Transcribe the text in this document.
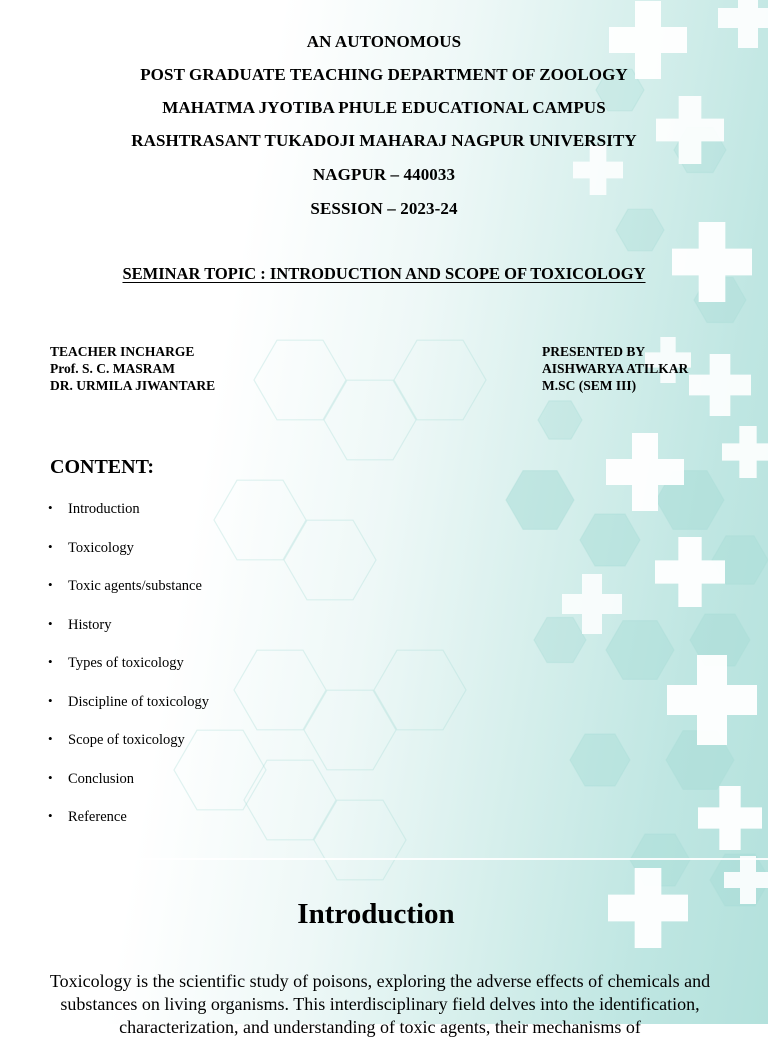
AN AUTONOMOUS
POST GRADUATE TEACHING DEPARTMENT OF ZOOLOGY
MAHATMA JYOTIBA PHULE EDUCATIONAL CAMPUS
RASHTRASANT TUKADOJI MAHARAJ NAGPUR UNIVERSITY
NAGPUR – 440033
SESSION – 2023-24
SEMINAR TOPIC : INTRODUCTION AND SCOPE OF TOXICOLOGY
TEACHER INCHARGE
Prof. S. C. MASRAM
DR. URMILA JIWANTARE
PRESENTED BY
AISHWARYA ATILKAR
M.SC (SEM III)
CONTENT:
•	Introduction
•	Toxicology
•	Toxic agents/substance
•	History
•	Types of toxicology
•	Discipline of toxicology
•	Scope of toxicology
•	Conclusion
•	Reference
Introduction
Toxicology is the scientific study of poisons, exploring the adverse effects of chemicals and substances on living organisms. This interdisciplinary field delves into the identification, characterization, and understanding of toxic agents, their mechanisms of
